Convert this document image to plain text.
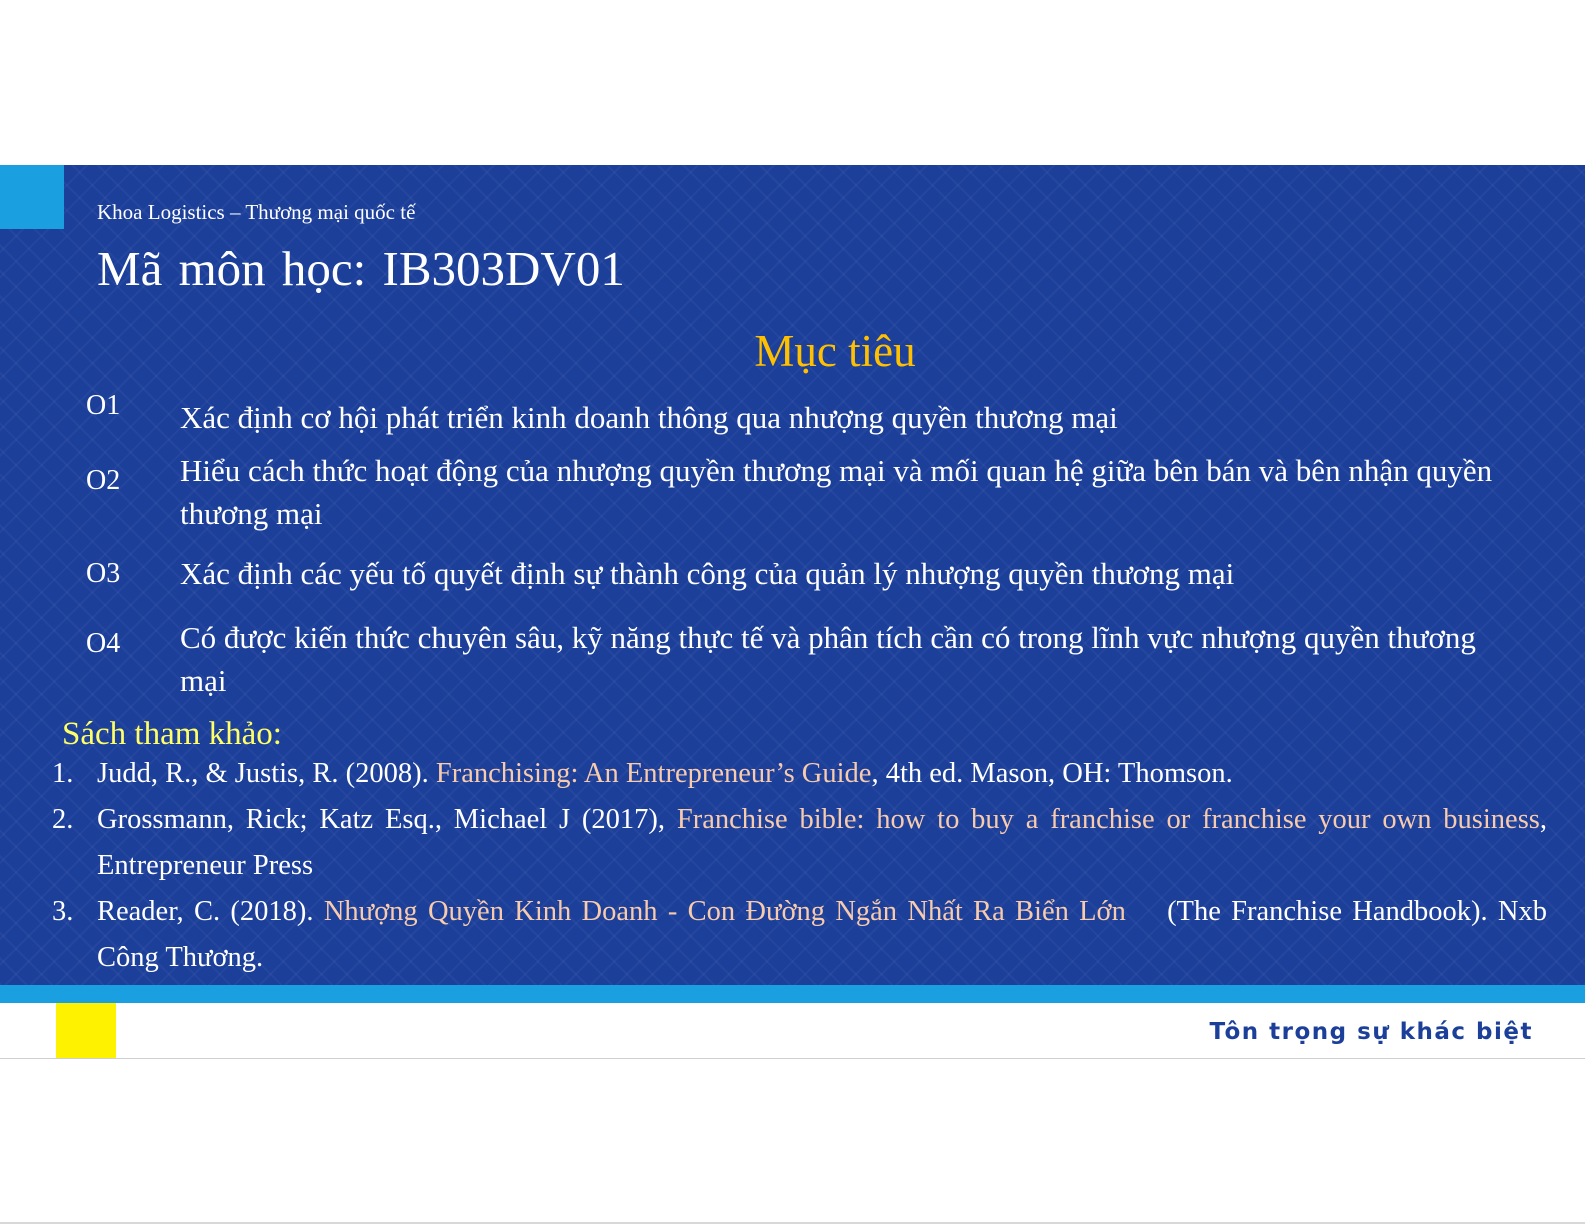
Khoa Logistics – Thương mại quốc tế
Mã môn học: IB303DV01
Mục tiêu
O1 Xác định cơ hội phát triển kinh doanh thông qua nhượng quyền thương mại
O2 Hiểu cách thức hoạt động của nhượng quyền thương mại và mối quan hệ giữa bên bán và bên nhận quyền thương mại
O3 Xác định các yếu tố quyết định sự thành công của quản lý nhượng quyền thương mại
O4 Có được kiến thức chuyên sâu, kỹ năng thực tế và phân tích cần có trong lĩnh vực nhượng quyền thương mại
Sách tham khảo:
1. Judd, R., & Justis, R. (2008). Franchising: An Entrepreneur’s Guide, 4th ed. Mason, OH: Thomson.
2. Grossmann, Rick; Katz Esq., Michael J (2017), Franchise bible: how to buy a franchise or franchise your own business, Entrepreneur Press
3. Reader, C. (2018). Nhượng Quyền Kinh Doanh - Con Đường Ngắn Nhất Ra Biển Lớn    (The Franchise Handbook). Nxb Công Thương.
Tôn trọng sự khác biệt
